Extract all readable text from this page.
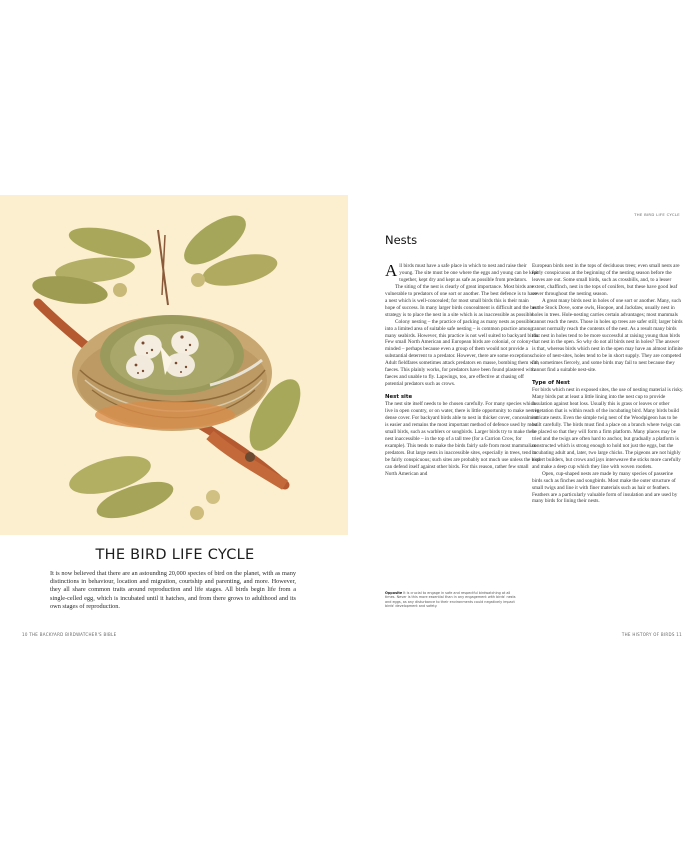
THE BIRD LIFE CYCLE
It is now believed that there are an astounding 20,000 species of bird on the planet, with as many distinctions in behaviour, location and migration, courtship and parenting, and more. However, they all share common traits around reproduction and life stages. All birds begin life from a single-celled egg, which is incubated until it hatches, and from there grows to adulthood and its own stages of reproduction.
10 THE BACKYARD BIRDWATCHER'S BIBLE
THE BIRD LIFE CYCLE
Nests

All birds must have a safe place in which to nest and raise their young. The site must be one where the eggs and young can be kept together, kept dry and kept as safe as possible from predators.

The siting of the nest is clearly of great importance. Most birds are vulnerable to predators of one sort or another. The best defence is to have a nest which is well-concealed; for most small birds this is their main hope of success. In many larger birds concealment is difficult and the best strategy is to place the nest in a site which is as inaccessible as possible.

Colony nesting – the practice of packing as many nests as possible into a limited area of suitable safe nesting – is common practice among many seabirds. However, this practice is not well suited to backyard birds. Few small North American and European birds are colonial, or colony-minded – perhaps because even a group of them would not provide a substantial deterrent to a predator. However, there are some exceptions. Adult fieldfares sometimes attack predators en masse, bombing them with faeces. This plainly works, for predators have been found plastered with faeces and unable to fly. Lapwings, too, are effective at chasing off potential predators such as crows.

Nest site

The nest site itself needs to be chosen carefully. For many species which live in open country, or on water, there is little opportunity to make nest in dense cover. For backyard birds able to nest in thicker cover, concealment is easier and remains the most important method of defence used by most small birds, such as warblers or songbirds. Larger birds try to make their nest inaccessible – in the top of a tall tree (for a Carrion Crow, for example). This tends to make the birds fairly safe from most mammalian predators. But large nests in inaccessible sites, especially in trees, tend to be fairly conspicuous; such sites are probably not much use unless the bird can defend itself against other birds. For this reason, rather few small North American and

European birds nest in the tops of deciduous trees; even small nests are fairly conspicuous at the beginning of the nesting season before the leaves are out. Some small birds, such as crossbills, and, to a lesser extent, chaffinch, nest in the tops of conifers, but these have good leaf cover throughout the nesting season.

A great many birds nest in holes of one sort or another. Many, such as the Stock Dove, some owls, Hoopoe, and Jackdaw, usually nest in holes in trees. Hole-nesting carries certain advantages; most mammals cannot reach the nests. Those in holes up trees are safer still; larger birds cannot normally reach the contents of the nest. As a result many birds that nest in holes tend to be more successful at raising young than birds that nest in the open. So why do not all birds nest in holes? The answer is that, whereas birds which nest in the open may have an almost infinite choice of nest-sites, holes tend to be in short supply. They are competed for, sometimes fiercely, and some birds may fail to nest because they cannot find a suitable nest-site.

Type of Nest

For birds which nest in exposed sites, the use of nesting material is risky. Many birds put at least a little lining into the nest cup to provide insulation against heat loss. Usually this is grass or leaves or other vegetation that is within reach of the incubating bird. Many birds build intricate nests. Even the simple twig nest of the Woodpigeon has to be built carefully. The birds must find a place on a branch where twigs can be placed so that they will form a firm platform. Many places may be tried and the twigs are often hard to anchor, but gradually a platform is constructed which is strong enough to hold not just the eggs, but the incubating adult and, later, two large chicks. The pigeons are not highly expert builders, but crows and jays interweave the sticks more carefully and make a deep cup which they line with woven rootlets.

Open, cup-shaped nests are made by many species of passerine birds such as finches and songbirds. Most make the outer structure of small twigs and line it with finer materials such as hair or feathers. Feathers are a particularly valuable form of insulation and are used by many birds for lining their nests.

Opposite It is crucial to engage in safe and respectful birdwatching at all times. Never is this more essential than in any engagement with birds' nests and eggs, as any disturbance to their environments could negatively impact birds' development and safety.
THE HISTORY OF BIRDS 11
